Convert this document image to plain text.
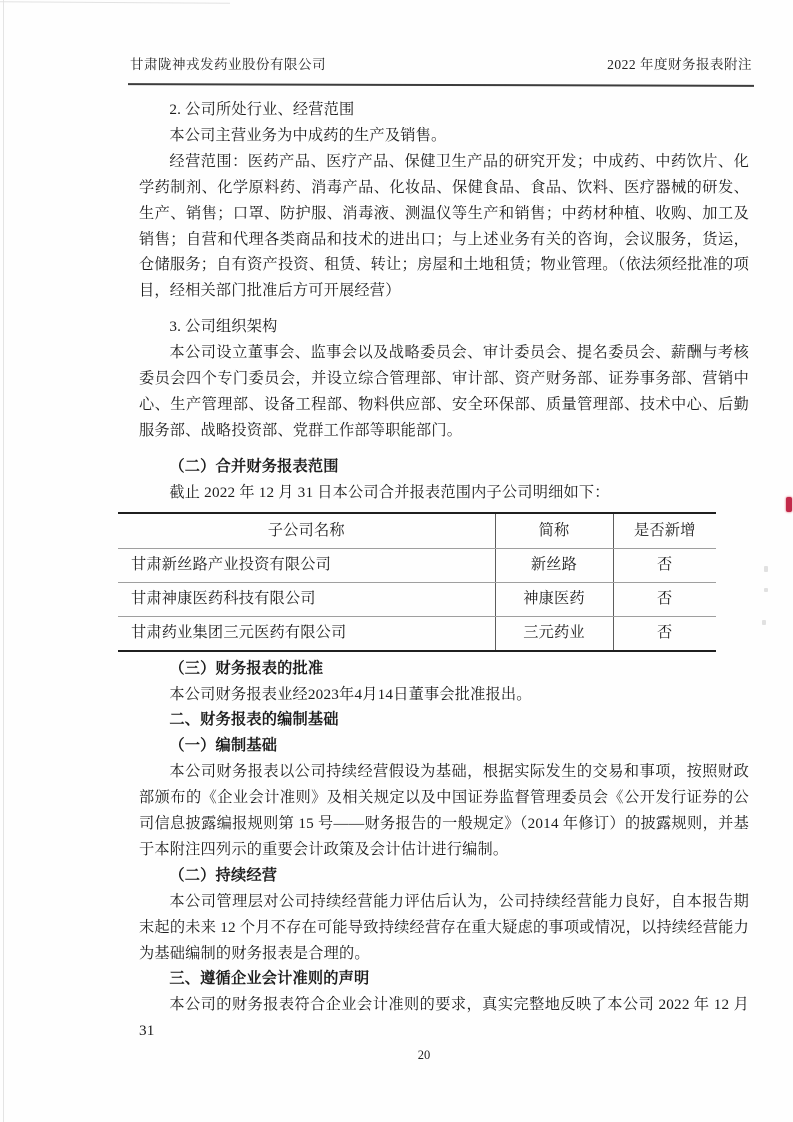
甘肃陇神戎发药业股份有限公司	2022 年度财务报表附注

2. 公司所处行业、经营范围

本公司主营业务为中成药的生产及销售。

经营范围：医药产品、医疗产品、保健卫生产品的研究开发；中成药、中药饮片、化学药制剂、化学原料药、消毒产品、化妆品、保健食品、食品、饮料、医疗器械的研发、生产、销售；口罩、防护服、消毒液、测温仪等生产和销售；中药材种植、收购、加工及销售；自营和代理各类商品和技术的进出口；与上述业务有关的咨询，会议服务，货运，仓储服务；自有资产投资、租赁、转让；房屋和土地租赁；物业管理。（依法须经批准的项目，经相关部门批准后方可开展经营）

3. 公司组织架构

本公司设立董事会、监事会以及战略委员会、审计委员会、提名委员会、薪酬与考核委员会四个专门委员会，并设立综合管理部、审计部、资产财务部、证券事务部、营销中心、生产管理部、设备工程部、物料供应部、安全环保部、质量管理部、技术中心、后勤服务部、战略投资部、党群工作部等职能部门。

（二）合并财务报表范围

截止 2022 年 12 月 31 日本公司合并报表范围内子公司明细如下：

子公司名称	简称	是否新增
甘肃新丝路产业投资有限公司	新丝路	否
甘肃神康医药科技有限公司	神康医药	否
甘肃药业集团三元医药有限公司	三元药业	否

（三）财务报表的批准

本公司财务报表业经2023年4月14日董事会批准报出。

二、财务报表的编制基础

（一）编制基础

本公司财务报表以公司持续经营假设为基础，根据实际发生的交易和事项，按照财政部颁布的《企业会计准则》及相关规定以及中国证券监督管理委员会《公开发行证券的公司信息披露编报规则第 15 号——财务报告的一般规定》（2014 年修订）的披露规则，并基于本附注四列示的重要会计政策及会计估计进行编制。

（二）持续经营

本公司管理层对公司持续经营能力评估后认为，公司持续经营能力良好，自本报告期末起的未来 12 个月不存在可能导致持续经营存在重大疑虑的事项或情况，以持续经营能力为基础编制的财务报表是合理的。

三、遵循企业会计准则的声明

本公司的财务报表符合企业会计准则的要求，真实完整地反映了本公司 2022 年 12 月 31

20
